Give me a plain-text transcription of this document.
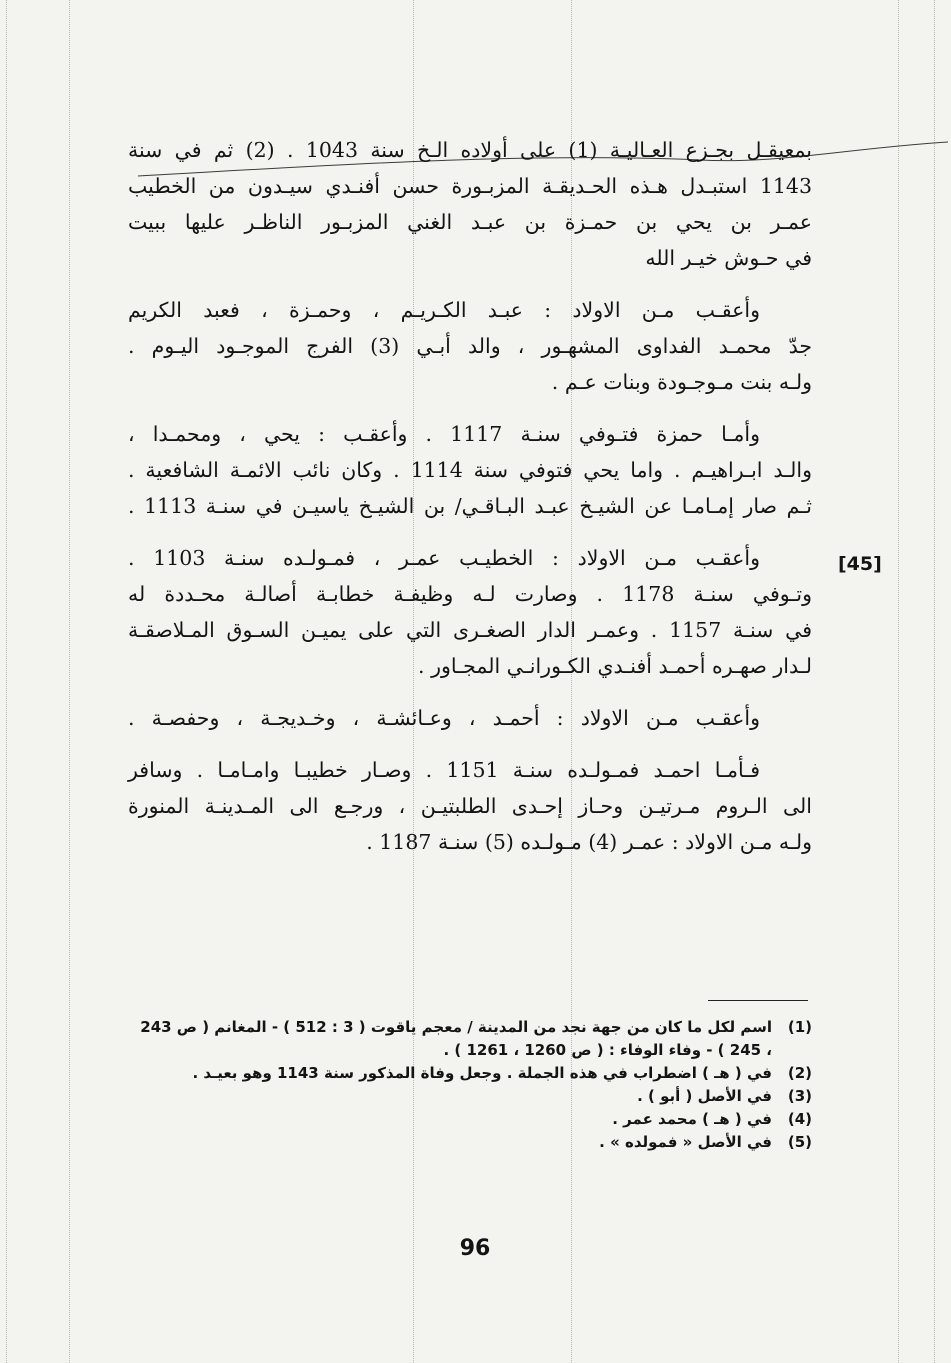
[45]

بمعيقـل بجـزع العـاليـة (1) على أولاده الـخ سنة 1043 . (2) ثم في سنة
1143 استبـدل هـذه الحـديقـة المزبـورة حسن أفنـدي سيـدون من الخطيب
عمـر بن يحي بن حمـزة بن عبـد الغني المزبـور الناظـر عليها ببيت
في حـوش خيـر الله

وأعقـب مـن الاولاد : عبـد الكـريـم ، وحمـزة ، فعبد الكريم
جدّ محمـد الفداوى المشهـور ، والد أبـي (3) الفرج الموجـود اليـوم .
ولـه بنت مـوجـودة وبنات عـم .

وأمـا حمزة فتـوفي سنـة 1117 . وأعقـب : يحي ، ومحمـدا ،
والـد ابـراهيـم . واما يحي فتوفي سنة 1114 . وكان نائب الائمـة الشافعية .
ثـم صار إمـامـا عن الشيـخ عبـد البـاقـي/ بن الشيـخ ياسيـن في سنـة 1113 .

وأعقـب مـن الاولاد : الخطيـب عمـر ، فمـولـده سنـة 1103 .
وتـوفي سنـة 1178 . وصارت لـه وظيفـة خطابـة أصالـة محـددة له
في سنـة 1157 . وعمـر الدار الصغـرى التي على يميـن السـوق المـلاصقـة
لـدار صهـره أحمـد أفنـدي الكـورانـي المجـاور .

وأعقـب مـن الاولاد : أحمـد ، وعـائشـة ، وخـديجـة ، وحفصـة .

فـأمـا احمـد فمـولـده سنـة 1151 . وصـار خطيبـا وامـامـا . وسافر
الى الـروم مـرتيـن وحـاز إحـدى الطلبتيـن ، ورجـع الى المـدينـة المنورة
ولـه مـن الاولاد : عمـر (4) مـولـده (5) سنـة 1187 .

(1)
اسم لكل ما كان من جهة نجد من المدينة / معجم ياقوت ( 3 : 512 ) - المغانم ( ص 243 ، 245 ) - وفاء الوفاء : ( ص 1260 ، 1261 ) .
(2)
في ( هـ ) اضطراب في هذه الجملة . وجعل وفاة المذكور سنة 1143 وهو بعيـد .
(3)
في الأصل ( أبو ) .
(4)
في ( هـ ) محمد عمر .
(5)
في الأصل « فمولده » .
96
